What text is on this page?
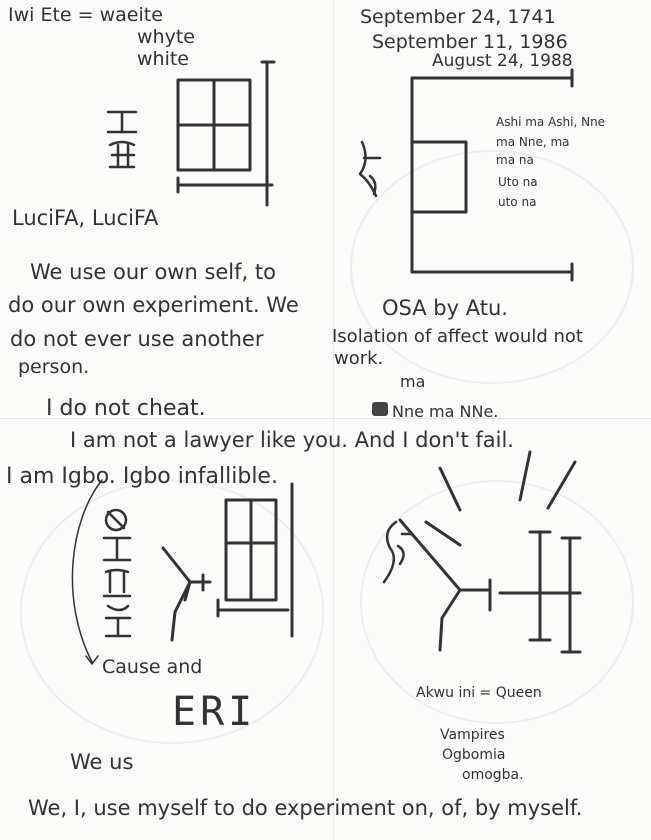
Iwi Ete = waeite
whyte
white
LuciFA, LuciFA
We use our own self, to
do our own experiment. We
do not ever use another
person.
I do not cheat.
September 24, 1741
September 11, 1986
August 24, 1988
Ashi ma Ashi, Nne
ma Nne, ma
ma na
Uto na
uto na
OSA by Atu.
Isolation of affect would not
work.
ma
Nne ma NNe.
I am not a lawyer like you. And I don't fail.
I am Igbo. Igbo infallible.
Cause and
ERI
We us
Akwu ini = Queen
Vampires
Ogbomia
omogba.
We, I, use myself to do experiment on, of, by myself.
